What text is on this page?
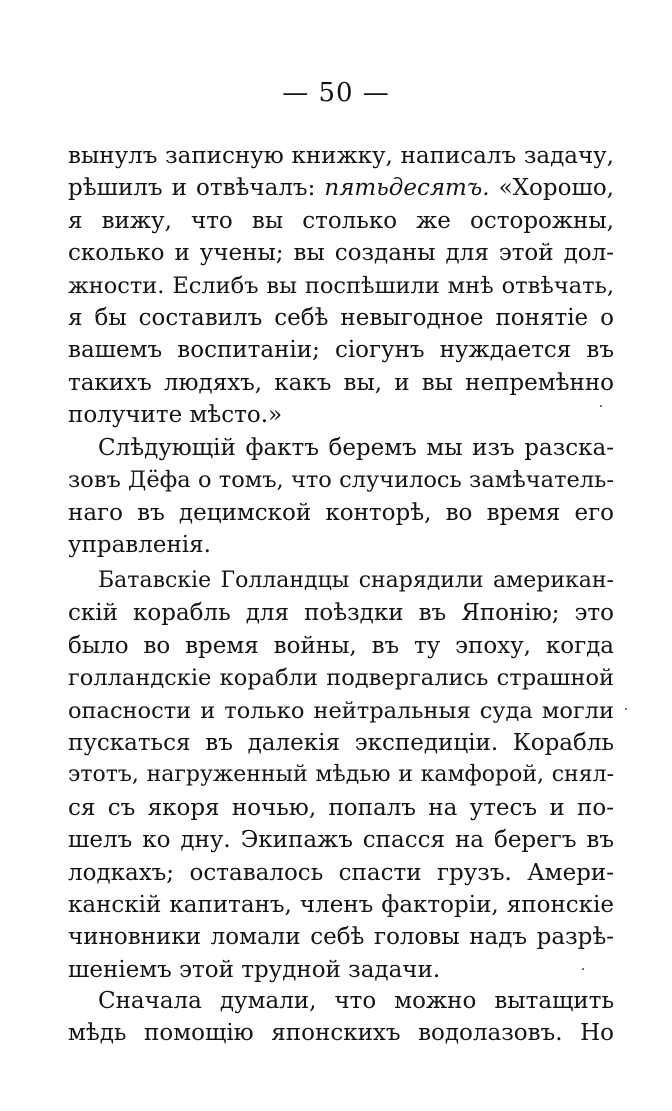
— 50 —
вынулъ записную книжку, написалъ задачу,
рѣшилъ и отвѣчалъ: пятьдесятъ. «Хорошо,
я вижу, что вы столько же осторожны,
сколько и учены; вы созданы для этой дол-
жности. Еслибъ вы поспѣшили мнѣ отвѣчать,
я бы составилъ себѣ невыгодное понятіе о
вашемъ воспитаніи; сіогунъ нуждается въ
такихъ людяхъ, какъ вы, и вы непремѣнно
получите мѣсто.»
Слѣдующій фактъ беремъ мы изъ разска-
зовъ Дёфа о томъ, что случилось замѣчатель-
наго въ децимской конторѣ, во время его
управленія.
Батавскіе Голландцы снарядили американ-
скій корабль для поѣздки въ Японію; это
было во время войны, въ ту эпоху, когда
голландскіе корабли подвергались страшной
опасности и только нейтральныя суда могли
пускаться въ далекія экспедиціи. Корабль
этотъ, нагруженный мѣдью и камфорой, снял-
ся съ якоря ночью, попалъ на утесъ и по-
шелъ ко дну. Экипажъ спасся на берегъ въ
лодкахъ; оставалось спасти грузъ. Амери-
канскій капитанъ, членъ факторіи, японскіе
чиновники ломали себѣ головы надъ разрѣ-
шеніемъ этой трудной задачи.
Сначала думали, что можно вытащить
мѣдь помощію японскихъ водолазовъ. Но
